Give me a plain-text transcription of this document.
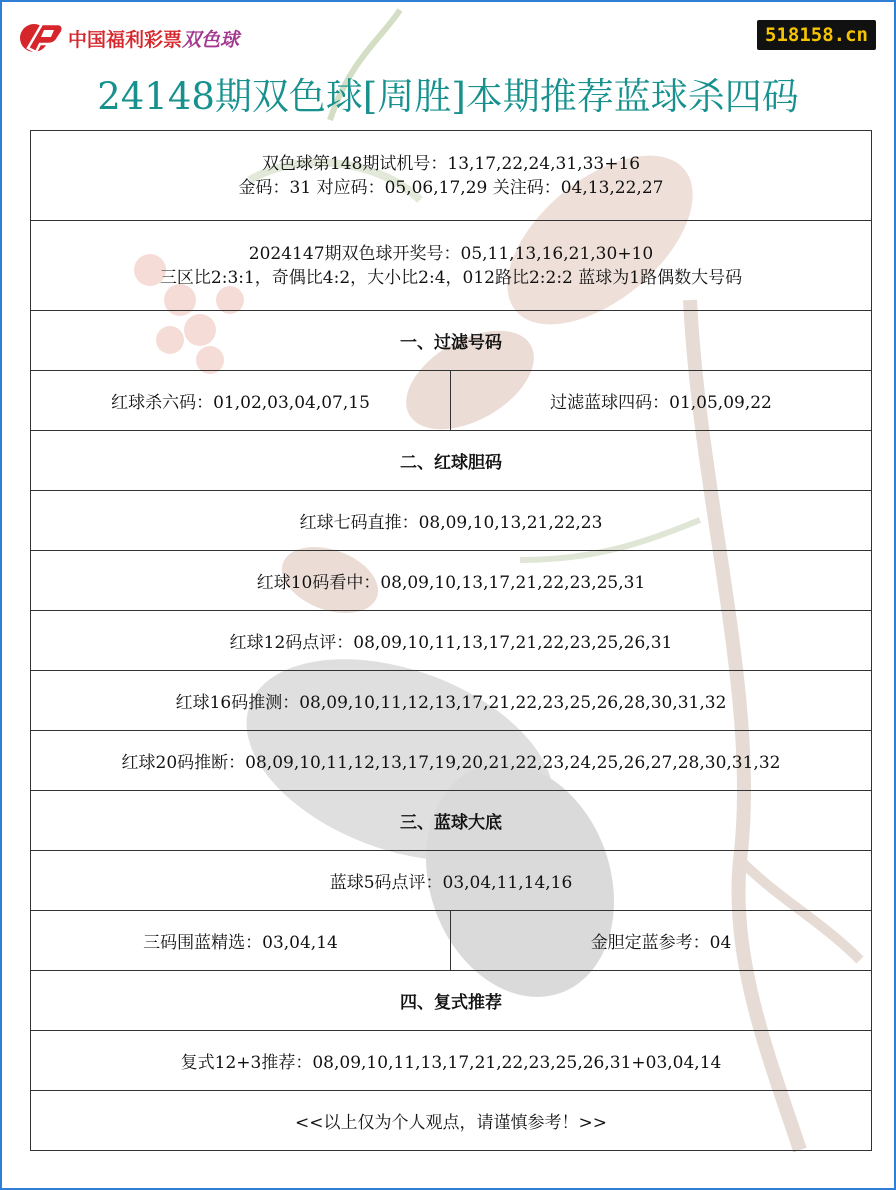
中国福利彩票双色球	518158.cn
24148期双色球[周胜]本期推荐蓝球杀四码
双色球第148期试机号：13,17,22,24,31,33+16
金码：31 对应码：05,06,17,29 关注码：04,13,22,27	

2024147期双色球开奖号：05,11,13,16,21,30+10
三区比2:3:1，奇偶比4:2，大小比2:4，012路比2:2:2 蓝球为1路偶数大号码	

一、过滤号码	
红球杀六码：01,02,03,04,07,15	过滤蓝球四码：01,05,09,22
二、红球胆码	
红球七码直推：08,09,10,13,21,22,23	
红球10码看中：08,09,10,13,17,21,22,23,25,31	
红球12码点评：08,09,10,11,13,17,21,22,23,25,26,31	
红球16码推测：08,09,10,11,12,13,17,21,22,23,25,26,28,30,31,32	
红球20码推断：08,09,10,11,12,13,17,19,20,21,22,23,24,25,26,27,28,30,31,32	
三、蓝球大底	
蓝球5码点评：03,04,11,14,16	
三码围蓝精选：03,04,14	金胆定蓝参考：04
四、复式推荐	
复式12+3推荐：08,09,10,11,13,17,21,22,23,25,26,31+03,04,14	
<<以上仅为个人观点，请谨慎参考！>>	
